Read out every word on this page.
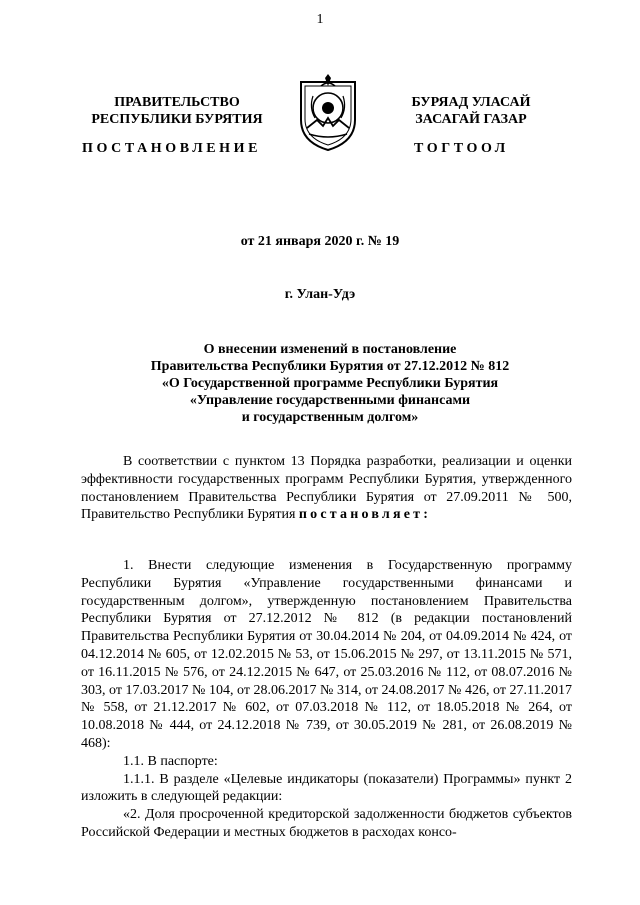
1
ПРАВИТЕЛЬСТВО
РЕСПУБЛИКИ БУРЯТИЯ
БУРЯАД УЛАСАЙ
ЗАСАГАЙ ГАЗАР
ПОСТАНОВЛЕНИЕ	ТОГТООЛ
от 21 января 2020 г. № 19
г. Улан-Удэ
О внесении изменений в постановление
Правительства Республики Бурятия от 27.12.2012 № 812
«О Государственной программе Республики Бурятия
«Управление государственными финансами
и государственным долгом»

В соответствии с пунктом 13 Порядка разработки, реализации и оценки эффективности государственных программ Республики Бурятия, утвержденного постановлением Правительства Республики Бурятия от 27.09.2011 № 500, Правительство Республики Бурятия постановляет:

1. Внести следующие изменения в Государственную программу Республики Бурятия «Управление государственными финансами и государственным долгом», утвержденную постановлением Правительства Республики Бурятия от 27.12.2012 № 812 (в редакции постановлений Правительства Республики Бурятия от 30.04.2014 № 204, от 04.09.2014 № 424, от 04.12.2014 № 605, от 12.02.2015 № 53, от 15.06.2015 № 297, от 13.11.2015 № 571, от 16.11.2015 № 576, от 24.12.2015 № 647, от 25.03.2016 № 112, от 08.07.2016 № 303, от 17.03.2017 № 104, от 28.06.2017 № 314, от 24.08.2017 № 426, от 27.11.2017 № 558, от 21.12.2017 № 602, от 07.03.2018 № 112, от 18.05.2018 № 264, от 10.08.2018 № 444, от 24.12.2018 № 739, от 30.05.2019 № 281, от 26.08.2019 № 468):

1.1. В паспорте:

1.1.1. В разделе «Целевые индикаторы (показатели) Программы» пункт 2 изложить в следующей редакции:

«2. Доля просроченной кредиторской задолженности бюджетов субъектов Российской Федерации и местных бюджетов в расходах консо-
